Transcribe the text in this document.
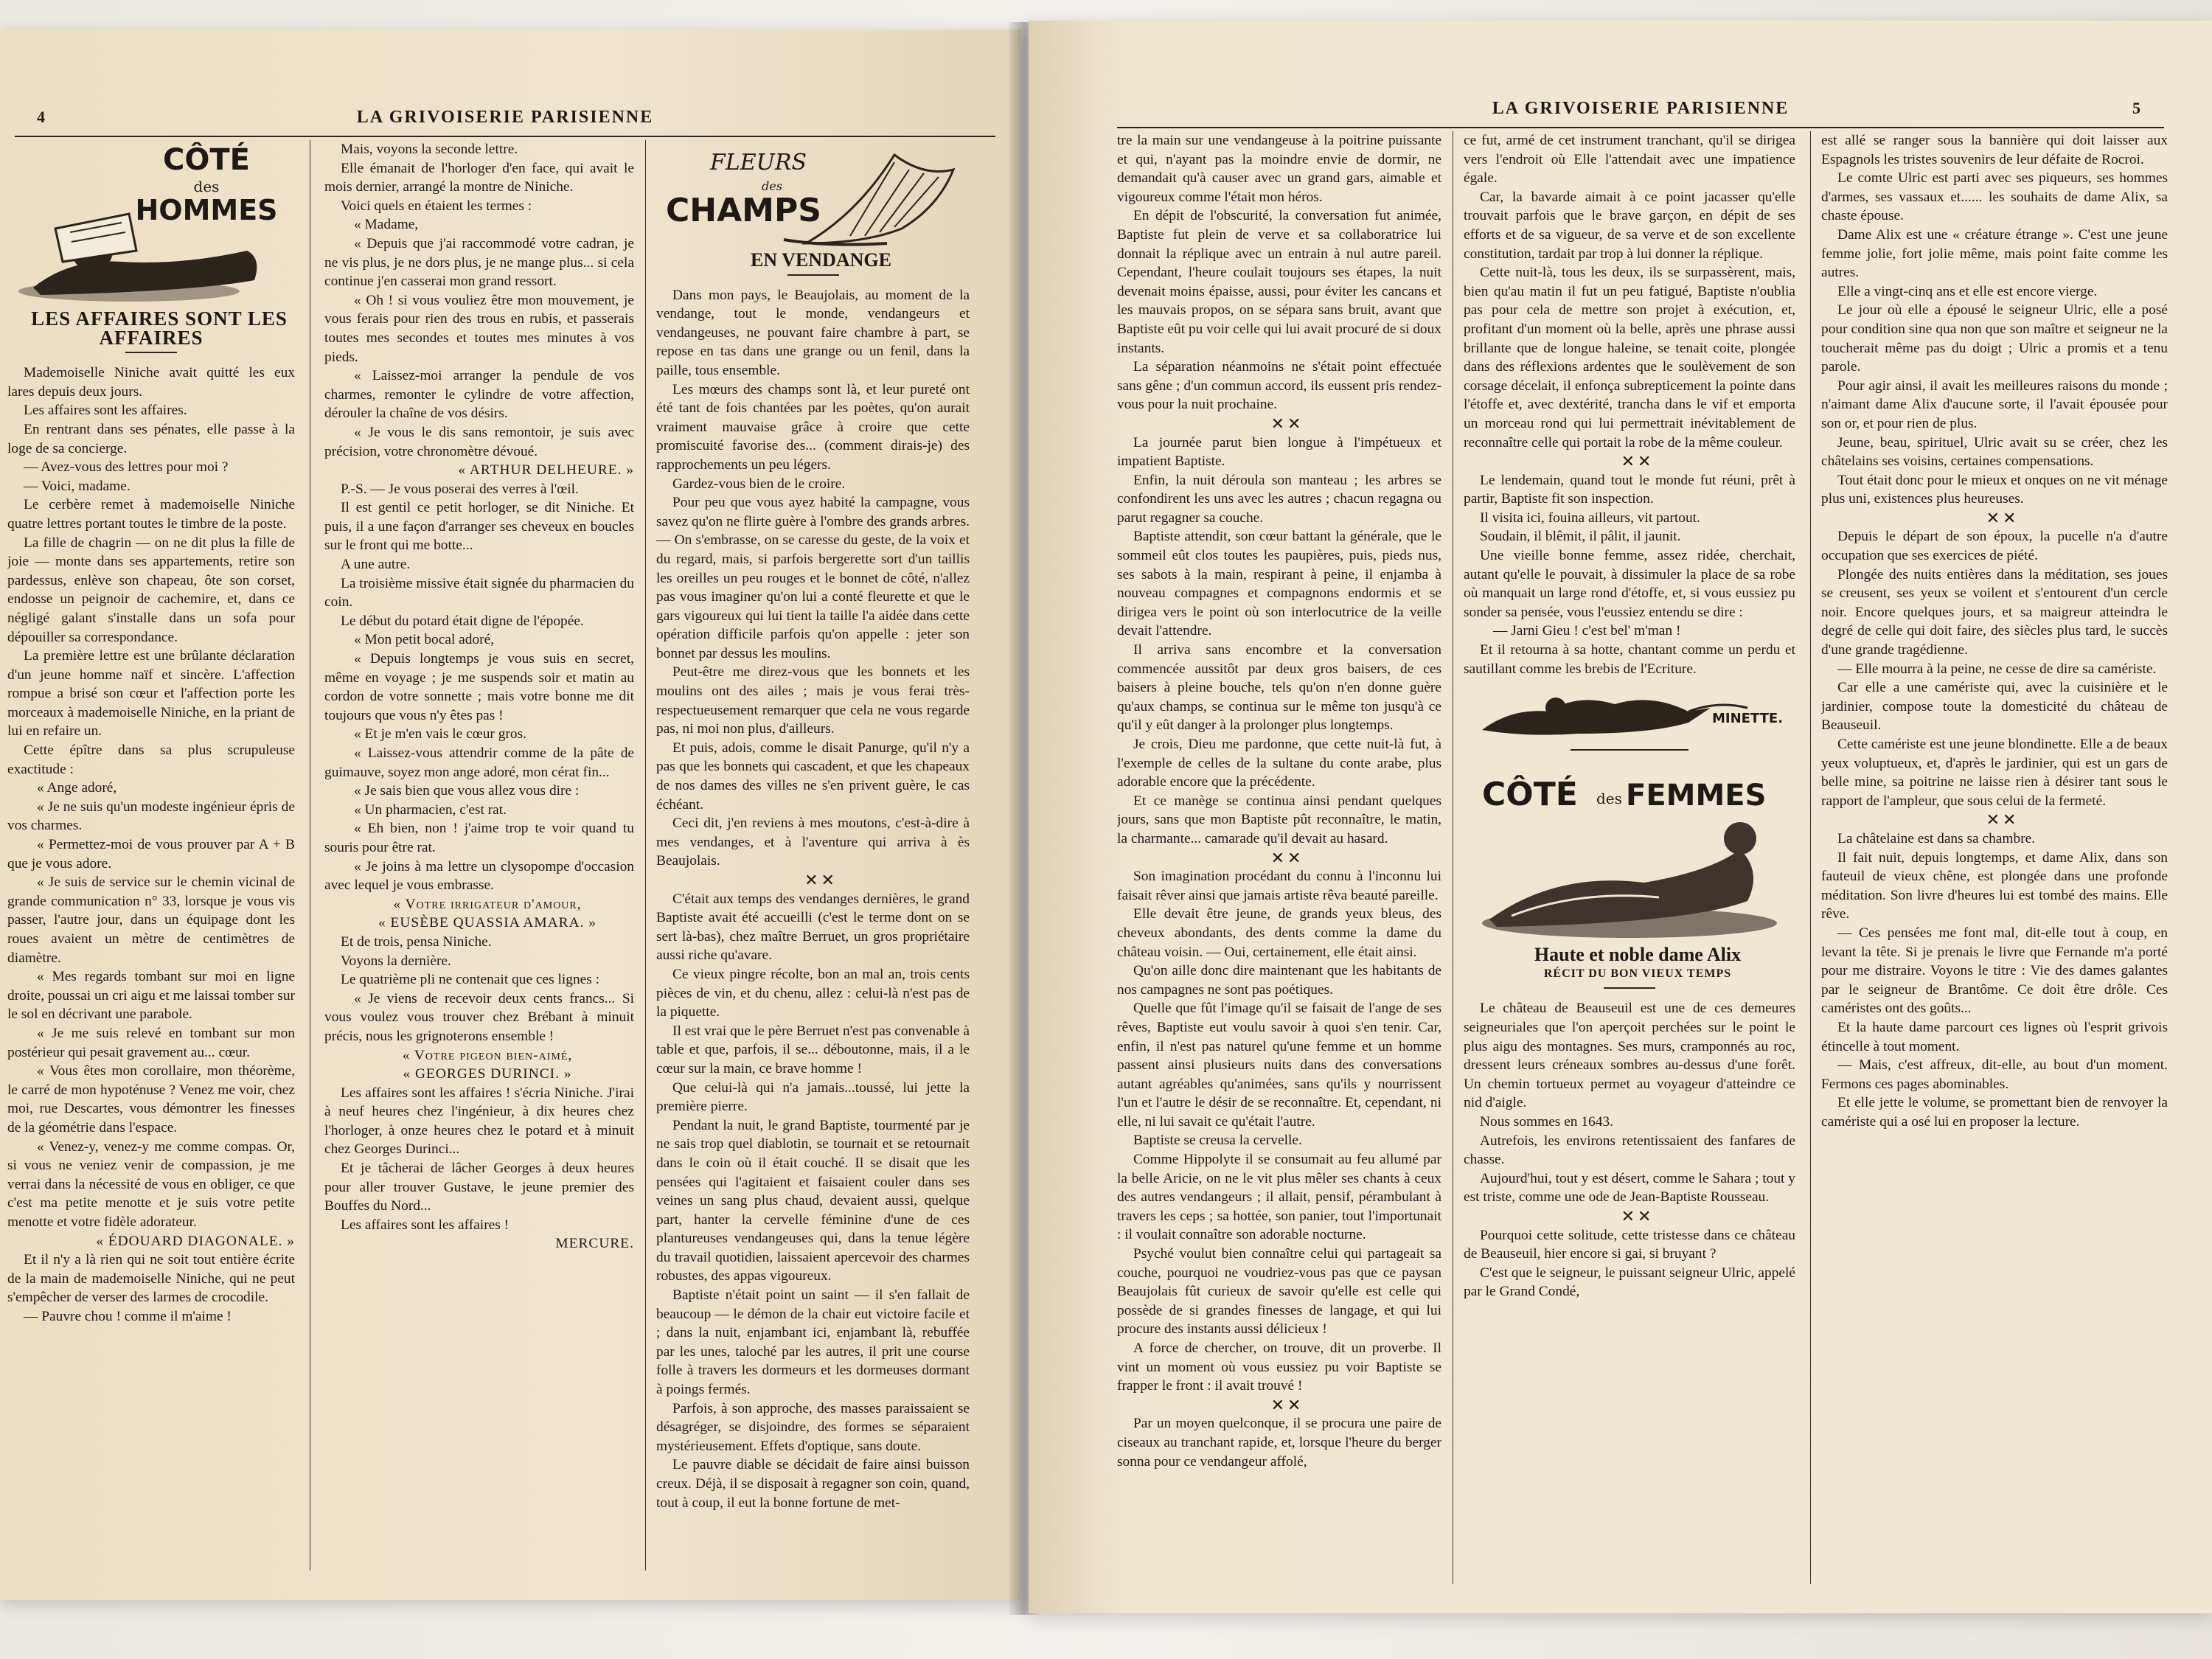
4	LA GRIVOISERIE PARISIENNE
CÔTÉ
des
HOMMES

LES AFFAIRES SONT LES AFFAIRES

Mademoiselle Niniche avait quitté les eux lares depuis deux jours.

Les affaires sont les affaires.

En rentrant dans ses pénates, elle passe à la loge de sa concierge.

— Avez-vous des lettres pour moi ?

— Voici, madame.

Le cerbère remet à mademoiselle Niniche quatre lettres portant toutes le timbre de la poste.

La fille de chagrin — on ne dit plus la fille de joie — monte dans ses appartements, retire son pardessus, enlève son chapeau, ôte son corset, endosse un peignoir de cachemire, et, dans ce négligé galant s'installe dans un sofa pour dépouiller sa correspondance.

La première lettre est une brûlante déclaration d'un jeune homme naïf et sincère. L'affection rompue a brisé son cœur et l'affection porte les morceaux à mademoiselle Niniche, en la priant de lui en refaire un.

Cette épître dans sa plus scrupuleuse exactitude :

« Ange adoré,

« Je ne suis qu'un modeste ingénieur épris de vos charmes.

« Permettez-moi de vous prouver par A + B que je vous adore.

« Je suis de service sur le chemin vicinal de grande communication n° 33, lorsque je vous vis passer, l'autre jour, dans un équipage dont les roues avaient un mètre de centimètres de diamètre.

« Mes regards tombant sur moi en ligne droite, poussai un cri aigu et me laissai tomber sur le sol en décrivant une parabole.

« Je me suis relevé en tombant sur mon postérieur qui pesait gravement au... cœur.

« Vous êtes mon corollaire, mon théorème, le carré de mon hypoténuse ? Venez me voir, chez moi, rue Descartes, vous démontrer les finesses de la géométrie dans l'espace.

« Venez-y, venez-y me comme compas. Or, si vous ne veniez venir de compassion, je me verrai dans la nécessité de vous en obliger, ce que c'est ma petite menotte et je suis votre petite menotte et votre fidèle adorateur.

« ÉDOUARD DIAGONALE. »

Et il n'y a là rien qui ne soit tout entière écrite de la main de mademoiselle Niniche, qui ne peut s'empêcher de verser des larmes de crocodile.

— Pauvre chou ! comme il m'aime !

Mais, voyons la seconde lettre.

Elle émanait de l'horloger d'en face, qui avait le mois dernier, arrangé la montre de Niniche.

Voici quels en étaient les termes :

« Madame,

« Depuis que j'ai raccommodé votre cadran, je ne vis plus, je ne dors plus, je ne mange plus... si cela continue j'en casserai mon grand ressort.

« Oh ! si vous vouliez être mon mouvement, je vous ferais pour rien des trous en rubis, et passerais toutes mes secondes et toutes mes minutes à vos pieds.

« Laissez-moi arranger la pendule de vos charmes, remonter le cylindre de votre affection, dérouler la chaîne de vos désirs.

« Je vous le dis sans remontoir, je suis avec précision, votre chronomètre dévoué.

« ARTHUR DELHEURE. »

P.-S. — Je vous poserai des verres à l'œil.

Il est gentil ce petit horloger, se dit Niniche. Et puis, il a une façon d'arranger ses cheveux en boucles sur le front qui me botte...

A une autre.

La troisième missive était signée du pharmacien du coin.

Le début du potard était digne de l'épopée.

« Mon petit bocal adoré,

« Depuis longtemps je vous suis en secret, même en voyage ; je me suspends soir et matin au cordon de votre sonnette ; mais votre bonne me dit toujours que vous n'y êtes pas !

« Et je m'en vais le cœur gros.

« Laissez-vous attendrir comme de la pâte de guimauve, soyez mon ange adoré, mon cérat fin...

« Je sais bien que vous allez vous dire :

« Un pharmacien, c'est rat.

« Eh bien, non ! j'aime trop te voir quand tu souris pour être rat.

« Je joins à ma lettre un clysopompe d'occasion avec lequel je vous embrasse.

« Votre irrigateur d'amour,

« EUSÈBE QUASSIA AMARA. »

Et de trois, pensa Niniche.

Voyons la dernière.

Le quatrième pli ne contenait que ces lignes :

« Je viens de recevoir deux cents francs... Si vous voulez vous trouver chez Brébant à minuit précis, nous les grignoterons ensemble !

« Votre pigeon bien-aimé,

« GEORGES DURINCI. »

Les affaires sont les affaires ! s'écria Niniche. J'irai à neuf heures chez l'ingénieur, à dix heures chez l'horloger, à onze heures chez le potard et à minuit chez Georges Durinci...

Et je tâcherai de lâcher Georges à deux heures pour aller trouver Gustave, le jeune premier des Bouffes du Nord...

Les affaires sont les affaires !

MERCURE.

FLEURS
des
CHAMPS

EN VENDANGE

Dans mon pays, le Beaujolais, au moment de la vendange, tout le monde, vendangeurs et vendangeuses, ne pouvant faire chambre à part, se repose en tas dans une grange ou un fenil, dans la paille, tous ensemble.

Les mœurs des champs sont là, et leur pureté ont été tant de fois chantées par les poètes, qu'on aurait vraiment mauvaise grâce à croire que cette promiscuité favorise des... (comment dirais-je) des rapprochements un peu légers.

Gardez-vous bien de le croire.

Pour peu que vous ayez habité la campagne, vous savez qu'on ne flirte guère à l'ombre des grands arbres. — On s'embrasse, on se caresse du geste, de la voix et du regard, mais, si parfois bergerette sort d'un taillis les oreilles un peu rouges et le bonnet de côté, n'allez pas vous imaginer qu'on lui a conté fleurette et que le gars vigoureux qui lui tient la taille l'a aidée dans cette opération difficile parfois qu'on appelle : jeter son bonnet par dessus les moulins.

Peut-être me direz-vous que les bonnets et les moulins ont des ailes ; mais je vous ferai très-respectueusement remarquer que cela ne vous regarde pas, ni moi non plus, d'ailleurs.

Et puis, adois, comme le disait Panurge, qu'il n'y a pas que les bonnets qui cascadent, et que les chapeaux de nos dames des villes ne s'en privent guère, le cas échéant.

Ceci dit, j'en reviens à mes moutons, c'est-à-dire à mes vendanges, et à l'aventure qui arriva à ès Beaujolais.

✕✕

C'était aux temps des vendanges dernières, le grand Baptiste avait été accueilli (c'est le terme dont on se sert là-bas), chez maître Berruet, un gros propriétaire aussi riche qu'avare.

Ce vieux pingre récolte, bon an mal an, trois cents pièces de vin, et du chenu, allez : celui-là n'est pas de la piquette.

Il est vrai que le père Berruet n'est pas convenable à table et que, parfois, il se... déboutonne, mais, il a le cœur sur la main, ce brave homme !

Que celui-là qui n'a jamais...toussé, lui jette la première pierre.

Pendant la nuit, le grand Baptiste, tourmenté par je ne sais trop quel diablotin, se tournait et se retournait dans le coin où il était couché. Il se disait que les pensées qui l'agitaient et faisaient couler dans ses veines un sang plus chaud, devaient aussi, quelque part, hanter la cervelle féminine d'une de ces plantureuses vendangeuses qui, dans la tenue légère du travail quotidien, laissaient apercevoir des charmes robustes, des appas vigoureux.

Baptiste n'était point un saint — il s'en fallait de beaucoup — le démon de la chair eut victoire facile et ; dans la nuit, enjambant ici, enjambant là, rebuffée par les unes, taloché par les autres, il prit une course folle à travers les dormeurs et les dormeuses dormant à poings fermés.

Parfois, à son approche, des masses paraissaient se désagréger, se disjoindre, des formes se séparaient mystérieusement. Effets d'optique, sans doute.

Le pauvre diable se décidait de faire ainsi buisson creux. Déjà, il se disposait à regagner son coin, quand, tout à coup, il eut la bonne fortune de met-

LA GRIVOISERIE PARISIENNE	5

tre la main sur une vendangeuse à la poitrine puissante et qui, n'ayant pas la moindre envie de dormir, ne demandait qu'à causer avec un grand gars, aimable et vigoureux comme l'était mon héros.

En dépit de l'obscurité, la conversation fut animée, Baptiste fut plein de verve et sa collaboratrice lui donnait la réplique avec un entrain à nul autre pareil. Cependant, l'heure coulait toujours ses étapes, la nuit devenait moins épaisse, aussi, pour éviter les cancans et les mauvais propos, on se sépara sans bruit, avant que Baptiste eût pu voir celle qui lui avait procuré de si doux instants.

La séparation néanmoins ne s'était point effectuée sans gêne ; d'un commun accord, ils eussent pris rendez-vous pour la nuit prochaine.

✕✕

La journée parut bien longue à l'impétueux et impatient Baptiste.

Enfin, la nuit déroula son manteau ; les arbres se confondirent les uns avec les autres ; chacun regagna ou parut regagner sa couche.

Baptiste attendit, son cœur battant la générale, que le sommeil eût clos toutes les paupières, puis, pieds nus, ses sabots à la main, respirant à peine, il enjamba à nouveau compagnes et compagnons endormis et se dirigea vers le point où son interlocutrice de la veille devait l'attendre.

Il arriva sans encombre et la conversation commencée aussitôt par deux gros baisers, de ces baisers à pleine bouche, tels qu'on n'en donne guère qu'aux champs, se continua sur le même ton jusqu'à ce qu'il y eût danger à la prolonger plus longtemps.

Je crois, Dieu me pardonne, que cette nuit-là fut, à l'exemple de celles de la sultane du conte arabe, plus adorable encore que la précédente.

Et ce manège se continua ainsi pendant quelques jours, sans que mon Baptiste pût reconnaître, le matin, la charmante... camarade qu'il devait au hasard.

✕✕

Son imagination procédant du connu à l'inconnu lui faisait rêver ainsi que jamais artiste rêva beauté pareille.

Elle devait être jeune, de grands yeux bleus, des cheveux abondants, des dents comme la dame du château voisin. — Oui, certainement, elle était ainsi.

Qu'on aille donc dire maintenant que les habitants de nos campagnes ne sont pas poétiques.

Quelle que fût l'image qu'il se faisait de l'ange de ses rêves, Baptiste eut voulu savoir à quoi s'en tenir. Car, enfin, il n'est pas naturel qu'une femme et un homme passent ainsi plusieurs nuits dans des conversations autant agréables qu'animées, sans qu'ils y nourrissent l'un et l'autre le désir de se reconnaître. Et, cependant, ni elle, ni lui savait ce qu'était l'autre.

Baptiste se creusa la cervelle.

Comme Hippolyte il se consumait au feu allumé par la belle Aricie, on ne le vit plus mêler ses chants à ceux des autres vendangeurs ; il allait, pensif, pérambulant à travers les ceps ; sa hottée, son panier, tout l'importunait : il voulait connaître son adorable nocturne.

Psyché voulut bien connaître celui qui partageait sa couche, pourquoi ne voudriez-vous pas que ce paysan Beaujolais fût curieux de savoir qu'elle est celle qui possède de si grandes finesses de langage, et qui lui procure des instants aussi délicieux !

A force de chercher, on trouve, dit un proverbe. Il vint un moment où vous eussiez pu voir Baptiste se frapper le front : il avait trouvé !

✕✕

Par un moyen quelconque, il se procura une paire de ciseaux au tranchant rapide, et, lorsque l'heure du berger sonna pour ce vendangeur affolé,

ce fut, armé de cet instrument tranchant, qu'il se dirigea vers l'endroit où Elle l'attendait avec une impatience égale.

Car, la bavarde aimait à ce point jacasser qu'elle trouvait parfois que le brave garçon, en dépit de ses efforts et de sa vigueur, de sa verve et de son excellente constitution, tardait par trop à lui donner la réplique.

Cette nuit-là, tous les deux, ils se surpassèrent, mais, bien qu'au matin il fut un peu fatigué, Baptiste n'oublia pas pour cela de mettre son projet à exécution, et, profitant d'un moment où la belle, après une phrase aussi brillante que de longue haleine, se tenait coite, plongée dans des réflexions ardentes que le soulèvement de son corsage décelait, il enfonça subrepticement la pointe dans l'étoffe et, avec dextérité, trancha dans le vif et emporta un morceau rond qui lui permettrait inévitablement de reconnaître celle qui portait la robe de la même couleur.

✕✕

Le lendemain, quand tout le monde fut réuni, prêt à partir, Baptiste fit son inspection.

Il visita ici, fouina ailleurs, vit partout.

Soudain, il blêmit, il pâlit, il jaunit.

Une vieille bonne femme, assez ridée, cherchait, autant qu'elle le pouvait, à dissimuler la place de sa robe où manquait un large rond d'étoffe, et, si vous eussiez pu sonder sa pensée, vous l'eussiez entendu se dire :

— Jarni Gieu ! c'est bel' m'man !

Et il retourna à sa hotte, chantant comme un perdu et sautillant comme les brebis de l'Ecriture.

MINETTE.
CÔTÉ des FEMMES

Haute et noble dame Alix

RÉCIT DU BON VIEUX TEMPS

Le château de Beauseuil est une de ces demeures seigneuriales que l'on aperçoit perchées sur le point le plus aigu des montagnes. Ses murs, cramponnés au roc, dressent leurs créneaux sombres au-dessus d'une forêt. Un chemin tortueux permet au voyageur d'atteindre ce nid d'aigle.

Nous sommes en 1643.

Autrefois, les environs retentissaient des fanfares de chasse.

Aujourd'hui, tout y est désert, comme le Sahara ; tout y est triste, comme une ode de Jean-Baptiste Rousseau.

✕✕

Pourquoi cette solitude, cette tristesse dans ce château de Beauseuil, hier encore si gai, si bruyant ?

C'est que le seigneur, le puissant seigneur Ulric, appelé par le Grand Condé,

est allé se ranger sous la bannière qui doit laisser aux Espagnols les tristes souvenirs de leur défaite de Rocroi.

Le comte Ulric est parti avec ses piqueurs, ses hommes d'armes, ses vassaux et...... les souhaits de dame Alix, sa chaste épouse.

Dame Alix est une « créature étrange ». C'est une jeune femme jolie, fort jolie même, mais point faite comme les autres.

Elle a vingt-cinq ans et elle est encore vierge.

Le jour où elle a épousé le seigneur Ulric, elle a posé pour condition sine qua non que son maître et seigneur ne la toucherait même pas du doigt ; Ulric a promis et a tenu parole.

Pour agir ainsi, il avait les meilleures raisons du monde ; n'aimant dame Alix d'aucune sorte, il l'avait épousée pour son or, et pour rien de plus.

Jeune, beau, spirituel, Ulric avait su se créer, chez les châtelains ses voisins, certaines compensations.

Tout était donc pour le mieux et onques on ne vit ménage plus uni, existences plus heureuses.

✕✕

Depuis le départ de son époux, la pucelle n'a d'autre occupation que ses exercices de piété.

Plongée des nuits entières dans la méditation, ses joues se creusent, ses yeux se voilent et s'entourent d'un cercle noir. Encore quelques jours, et sa maigreur atteindra le degré de celle qui doit faire, des siècles plus tard, le succès d'une grande tragédienne.

— Elle mourra à la peine, ne cesse de dire sa camériste.

Car elle a une camériste qui, avec la cuisinière et le jardinier, compose toute la domesticité du château de Beauseuil.

Cette camériste est une jeune blondinette. Elle a de beaux yeux voluptueux, et, d'après le jardinier, qui est un gars de belle mine, sa poitrine ne laisse rien à désirer tant sous le rapport de l'ampleur, que sous celui de la fermeté.

✕✕

La châtelaine est dans sa chambre.

Il fait nuit, depuis longtemps, et dame Alix, dans son fauteuil de vieux chêne, est plongée dans une profonde méditation. Son livre d'heures lui est tombé des mains. Elle rêve.

— Ces pensées me font mal, dit-elle tout à coup, en levant la tête. Si je prenais le livre que Fernande m'a porté pour me distraire. Voyons le titre : Vie des dames galantes par le seigneur de Brantôme. Ce doit être drôle. Ces caméristes ont des goûts...

Et la haute dame parcourt ces lignes où l'esprit grivois étincelle à tout moment.

— Mais, c'est affreux, dit-elle, au bout d'un moment. Fermons ces pages abominables.

Et elle jette le volume, se promettant bien de renvoyer la camériste qui a osé lui en proposer la lecture.
